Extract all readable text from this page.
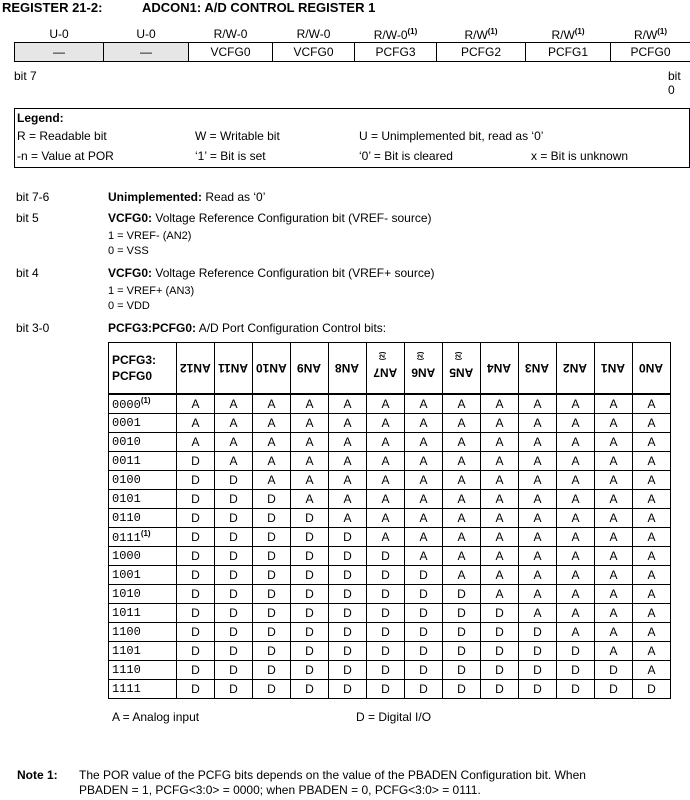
REGISTER 21-2:	ADCON1: A/D CONTROL REGISTER 1
U-0	U-0	R/W-0	R/W-0	R/W-0$^{(1)}$	$R/W^{(1)}$	$R/W^{(1)}$	$R/W^{(1)}$
—	—	VCFG0	VCFG0	PCFG3	PCFG2	PCFG1	PCFG0
bit 7	bit 0
Legend:
R = Readable bit	W = Writable bit	U = Unimplemented bit, read as ‘0’
-n = Value at POR	‘1’ = Bit is set	‘0’ = Bit is cleared	x = Bit is unknown
bit 7-6	Unimplemented: Read as ‘0’
bit 5	VCFG0: Voltage Reference Configuration bit (VREF- source)
1 = VREF- (AN2)
0 = VSS
bit 4	VCFG0: Voltage Reference Configuration bit (VREF+ source)
1 = VREF+ (AN3)
0 = VDD
bit 3-0	PCFG3:PCFG0: A/D Port Configuration Control bits:
PCFG3:
PCFG0	AN12	AN11	AN10	AN9	AN8	AN7$^{(2)}$	AN6$^{(2)}$	AN5$^{(2)}$	AN4	AN3	AN2	AN1	AN0
0000$^{(1)}$	A	A	A	A	A	A	A	A	A	A	A	A	A
0001	A	A	A	A	A	A	A	A	A	A	A	A	A
0010	A	A	A	A	A	A	A	A	A	A	A	A	A
0011	D	A	A	A	A	A	A	A	A	A	A	A	A
0100	D	D	A	A	A	A	A	A	A	A	A	A	A
0101	D	D	D	A	A	A	A	A	A	A	A	A	A
0110	D	D	D	D	A	A	A	A	A	A	A	A	A
0111$^{(1)}$	D	D	D	D	D	A	A	A	A	A	A	A	A
1000	D	D	D	D	D	D	A	A	A	A	A	A	A
1001	D	D	D	D	D	D	D	A	A	A	A	A	A
1010	D	D	D	D	D	D	D	D	A	A	A	A	A
1011	D	D	D	D	D	D	D	D	D	A	A	A	A
1100	D	D	D	D	D	D	D	D	D	D	A	A	A
1101	D	D	D	D	D	D	D	D	D	D	D	A	A
1110	D	D	D	D	D	D	D	D	D	D	D	D	A
1111	D	D	D	D	D	D	D	D	D	D	D	D	D
A = Analog input	D = Digital I/O
Note 1: The POR value of the PCFG bits depends on the value of the PBADEN Configuration bit. When
PBADEN = 1, PCFG<3:0> = 0000; when PBADEN = 0, PCFG<3:0> = 0111.
